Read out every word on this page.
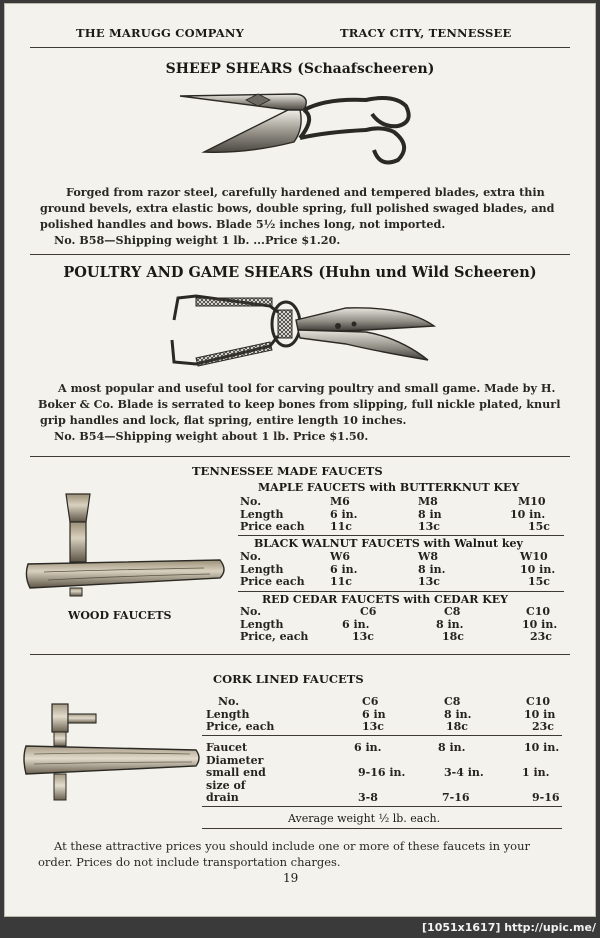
THE MARUGG COMPANY	TRACY CITY, TENNESSEE
SHEEP SHEARS (Schaafscheeren)

Forged from razor steel, carefully hardened and tempered blades, extra thin

ground bevels, extra elastic bows, double spring, full polished swaged blades, and

polished handles and bows. Blade 5½ inches long, not imported.

No. B58—Shipping weight 1 lb. ...Price $1.20.

POULTRY AND GAME SHEARS (Huhn und Wild Scheeren)

A most popular and useful tool for carving poultry and small game. Made by H.

Boker & Co. Blade is serrated to keep bones from slipping, full nickle plated, knurl

grip handles and lock, flat spring, entire length 10 inches.

No. B54—Shipping weight about 1 lb. Price $1.50.

TENNESSEE MADE FAUCETS
WOOD FAUCETS
MAPLE FAUCETS with BUTTERKNUT KEY
No.	M6	M8	M10
Length	6 in.	8 in	10 in.
Price each 11c	13c	15c
BLACK WALNUT FAUCETS with Walnut key
No.	W6	W8	W10
Length	6 in.	8 in.	10 in.
Price each 11c	13c	15c
RED CEDAR FAUCETS with CEDAR KEY
No.	C6	C8	C10
Length	6 in.	8 in.	10 in.
Price, each	13c	18c	23c
CORK LINED FAUCETS
No.	C6	C8	C10
Length	6 in	8 in.	10 in
Price, each	13c	18c	23c
Faucet	6 in.	8 in.	10 in.
Diameter
small end	9-16 in.	3-4 in.	1 in.
size of
drain	3-8	7-16	9-16
Average weight ½ lb. each.

At these attractive prices you should include one or more of these faucets in your

order. Prices do not include transportation charges.

19
[1051x1617] http://upic.me/
